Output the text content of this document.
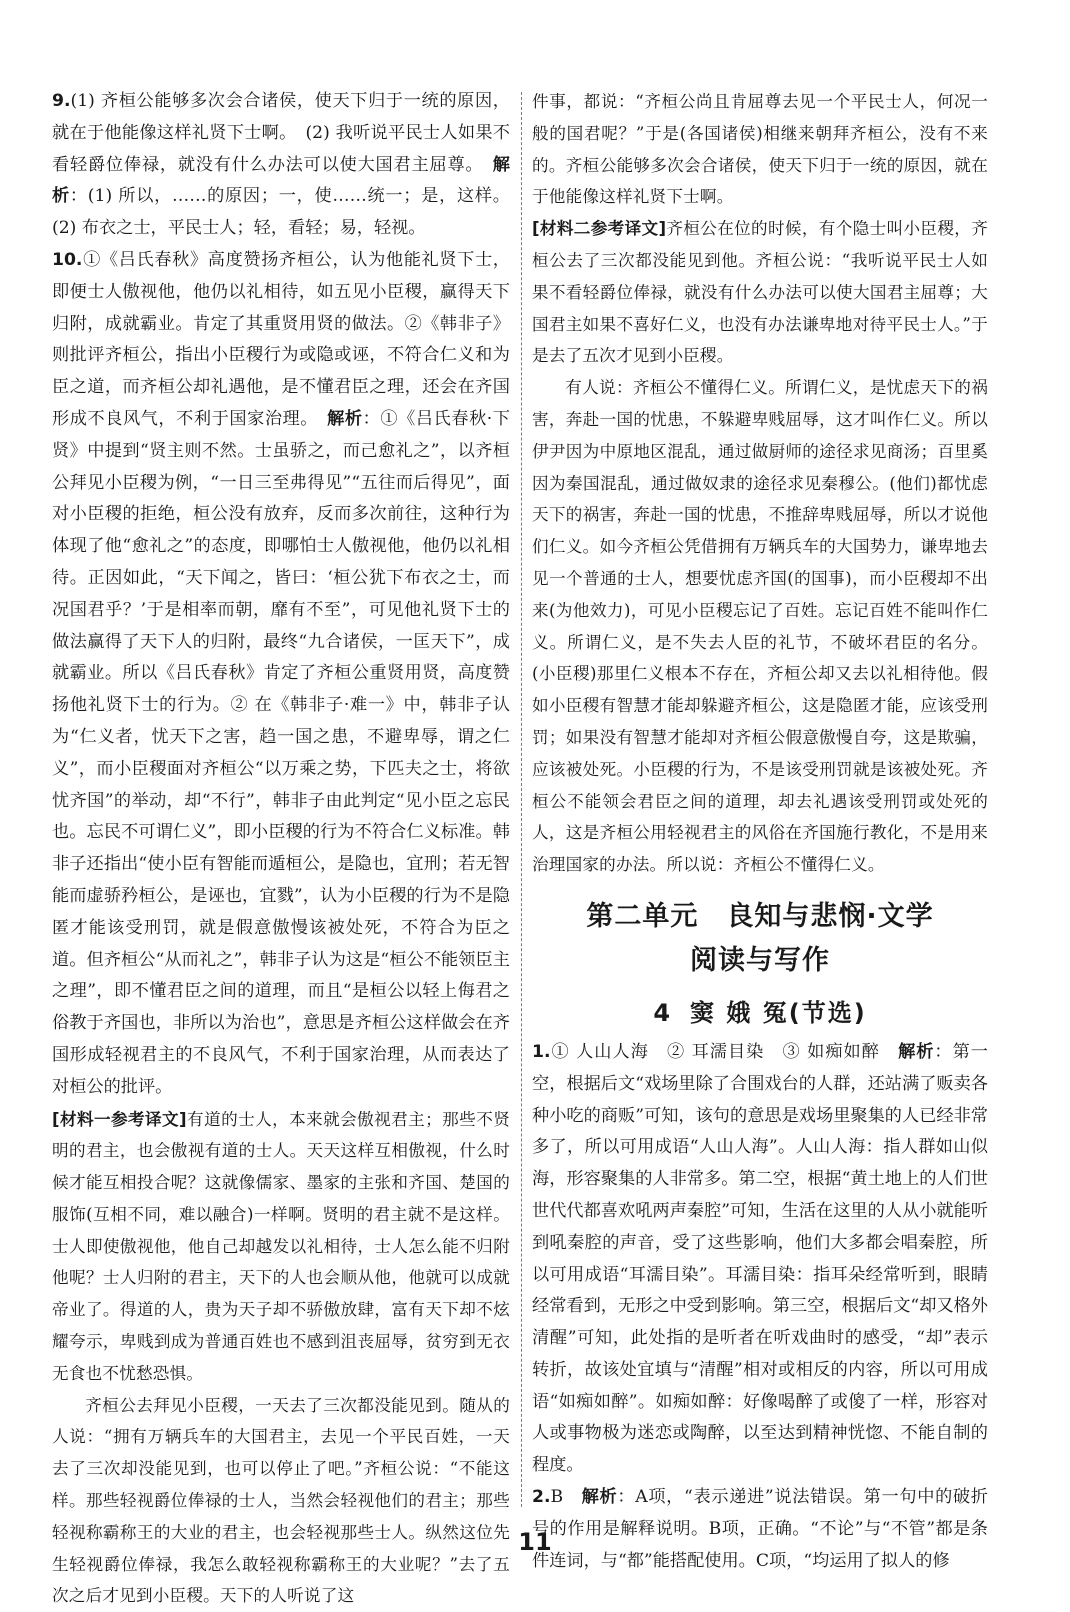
9.(1) 齐桓公能够多次会合诸侯，使天下归于一统的原因，就在于他能像这样礼贤下士啊。　(2) 我听说平民士人如果不看轻爵位俸禄，就没有什么办法可以使大国君主屈尊。　 解析：(1) 所以，……的原因；一，使……统一；是，这样。(2) 布衣之士，平民士人；轻，看轻；易，轻视。

10.①《吕氏春秋》高度赞扬齐桓公，认为他能礼贤下士，即便士人傲视他，他仍以礼相待，如五见小臣稷，赢得天下归附，成就霸业。肯定了其重贤用贤的做法。②《韩非子》则批评齐桓公，指出小臣稷行为或隐或诬，不符合仁义和为臣之道，而齐桓公却礼遇他，是不懂君臣之理，还会在齐国形成不良风气，不利于国家治理。　 解析：①《吕氏春秋·下贤》中提到“贤主则不然。士虽骄之，而己愈礼之”，以齐桓公拜见小臣稷为例，“一日三至弗得见”“五往而后得见”，面对小臣稷的拒绝，桓公没有放弃，反而多次前往，这种行为体现了他“愈礼之”的态度，即哪怕士人傲视他，他仍以礼相待。正因如此，“天下闻之，皆曰：‘桓公犹下布衣之士，而况国君乎？’于是相率而朝，靡有不至”，可见他礼贤下士的做法赢得了天下人的归附，最终“九合诸侯，一匡天下”，成就霸业。所以《吕氏春秋》肯定了齐桓公重贤用贤，高度赞扬他礼贤下士的行为。② 在《韩非子·难一》中，韩非子认为“仁义者，忧天下之害，趋一国之患，不避卑辱，谓之仁义”，而小臣稷面对齐桓公“以万乘之势，下匹夫之士，将欲忧齐国”的举动，却“不行”，韩非子由此判定“见小臣之忘民也。忘民不可谓仁义”，即小臣稷的行为不符合仁义标准。韩非子还指出“使小臣有智能而遁桓公，是隐也，宜刑；若无智能而虚骄矜桓公，是诬也，宜戮”，认为小臣稷的行为不是隐匿才能该受刑罚，就是假意傲慢该被处死，不符合为臣之道。但齐桓公“从而礼之”，韩非子认为这是“桓公不能领臣主之理”，即不懂君臣之间的道理，而且“是桓公以轻上侮君之俗教于齐国也，非所以为治也”，意思是齐桓公这样做会在齐国形成轻视君主的不良风气，不利于国家治理，从而表达了对桓公的批评。

[材料一参考译文]有道的士人，本来就会傲视君主；那些不贤明的君主，也会傲视有道的士人。天天这样互相傲视，什么时候才能互相投合呢？这就像儒家、墨家的主张和齐国、楚国的服饰(互相不同，难以融合)一样啊。贤明的君主就不是这样。士人即使傲视他，他自己却越发以礼相待，士人怎么能不归附他呢？士人归附的君主，天下的人也会顺从他，他就可以成就帝业了。得道的人，贵为天子却不骄傲放肆，富有天下却不炫耀夸示，卑贱到成为普通百姓也不感到沮丧屈辱，贫穷到无衣无食也不忧愁恐惧。

齐桓公去拜见小臣稷，一天去了三次都没能见到。随从的人说：“拥有万辆兵车的大国君主，去见一个平民百姓，一天去了三次却没能见到，也可以停止了吧。”齐桓公说：“不能这样。那些轻视爵位俸禄的士人，当然会轻视他们的君主；那些轻视称霸称王的大业的君主，也会轻视那些士人。纵然这位先生轻视爵位俸禄，我怎么敢轻视称霸称王的大业呢？”去了五次之后才见到小臣稷。天下的人听说了这

件事，都说：“齐桓公尚且肯屈尊去见一个平民士人，何况一般的国君呢？”于是(各国诸侯)相继来朝拜齐桓公，没有不来的。齐桓公能够多次会合诸侯，使天下归于一统的原因，就在于他能像这样礼贤下士啊。

[材料二参考译文]齐桓公在位的时候，有个隐士叫小臣稷，齐桓公去了三次都没能见到他。齐桓公说：“我听说平民士人如果不看轻爵位俸禄，就没有什么办法可以使大国君主屈尊；大国君主如果不喜好仁义，也没有办法谦卑地对待平民士人。”于是去了五次才见到小臣稷。

有人说：齐桓公不懂得仁义。所谓仁义，是忧虑天下的祸害，奔赴一国的忧患，不躲避卑贱屈辱，这才叫作仁义。所以伊尹因为中原地区混乱，通过做厨师的途径求见商汤；百里奚因为秦国混乱，通过做奴隶的途径求见秦穆公。(他们)都忧虑天下的祸害，奔赴一国的忧患，不推辞卑贱屈辱，所以才说他们仁义。如今齐桓公凭借拥有万辆兵车的大国势力，谦卑地去见一个普通的士人，想要忧虑齐国(的国事)，而小臣稷却不出来(为他效力)，可见小臣稷忘记了百姓。忘记百姓不能叫作仁义。所谓仁义，是不失去人臣的礼节，不破坏君臣的名分。(小臣稷)那里仁义根本不存在，齐桓公却又去以礼相待他。假如小臣稷有智慧才能却躲避齐桓公，这是隐匿才能，应该受刑罚；如果没有智慧才能却对齐桓公假意傲慢自夸，这是欺骗，应该被处死。小臣稷的行为，不是该受刑罚就是该被处死。齐桓公不能领会君臣之间的道理，却去礼遇该受刑罚或处死的人，这是齐桓公用轻视君主的风俗在齐国施行教化，不是用来治理国家的办法。所以说：齐桓公不懂得仁义。

第二单元　良知与悲悯·文学
阅读与写作
4 窦 娥 冤(节选)

1.① 人山人海　② 耳濡目染　③ 如痴如醉　 解析：第一空，根据后文“戏场里除了合围戏台的人群，还站满了贩卖各种小吃的商贩”可知，该句的意思是戏场里聚集的人已经非常多了，所以可用成语“人山人海”。人山人海：指人群如山似海，形容聚集的人非常多。第二空，根据“黄土地上的人们世世代代都喜欢吼两声秦腔”可知，生活在这里的人从小就能听到吼秦腔的声音，受了这些影响，他们大多都会唱秦腔，所以可用成语“耳濡目染”。耳濡目染：指耳朵经常听到，眼睛经常看到，无形之中受到影响。第三空，根据后文“却又格外清醒”可知，此处指的是听者在听戏曲时的感受，“却”表示转折，故该处宜填与“清醒”相对或相反的内容，所以可用成语“如痴如醉”。如痴如醉：好像喝醉了或傻了一样，形容对人或事物极为迷恋或陶醉，以至达到精神恍惚、不能自制的程度。

2.B　 解析：A项，“表示递进”说法错误。第一句中的破折号的作用是解释说明。B项，正确。“不论”与“不管”都是条件连词，与“都”能搭配使用。C项，“均运用了拟人的修

11
